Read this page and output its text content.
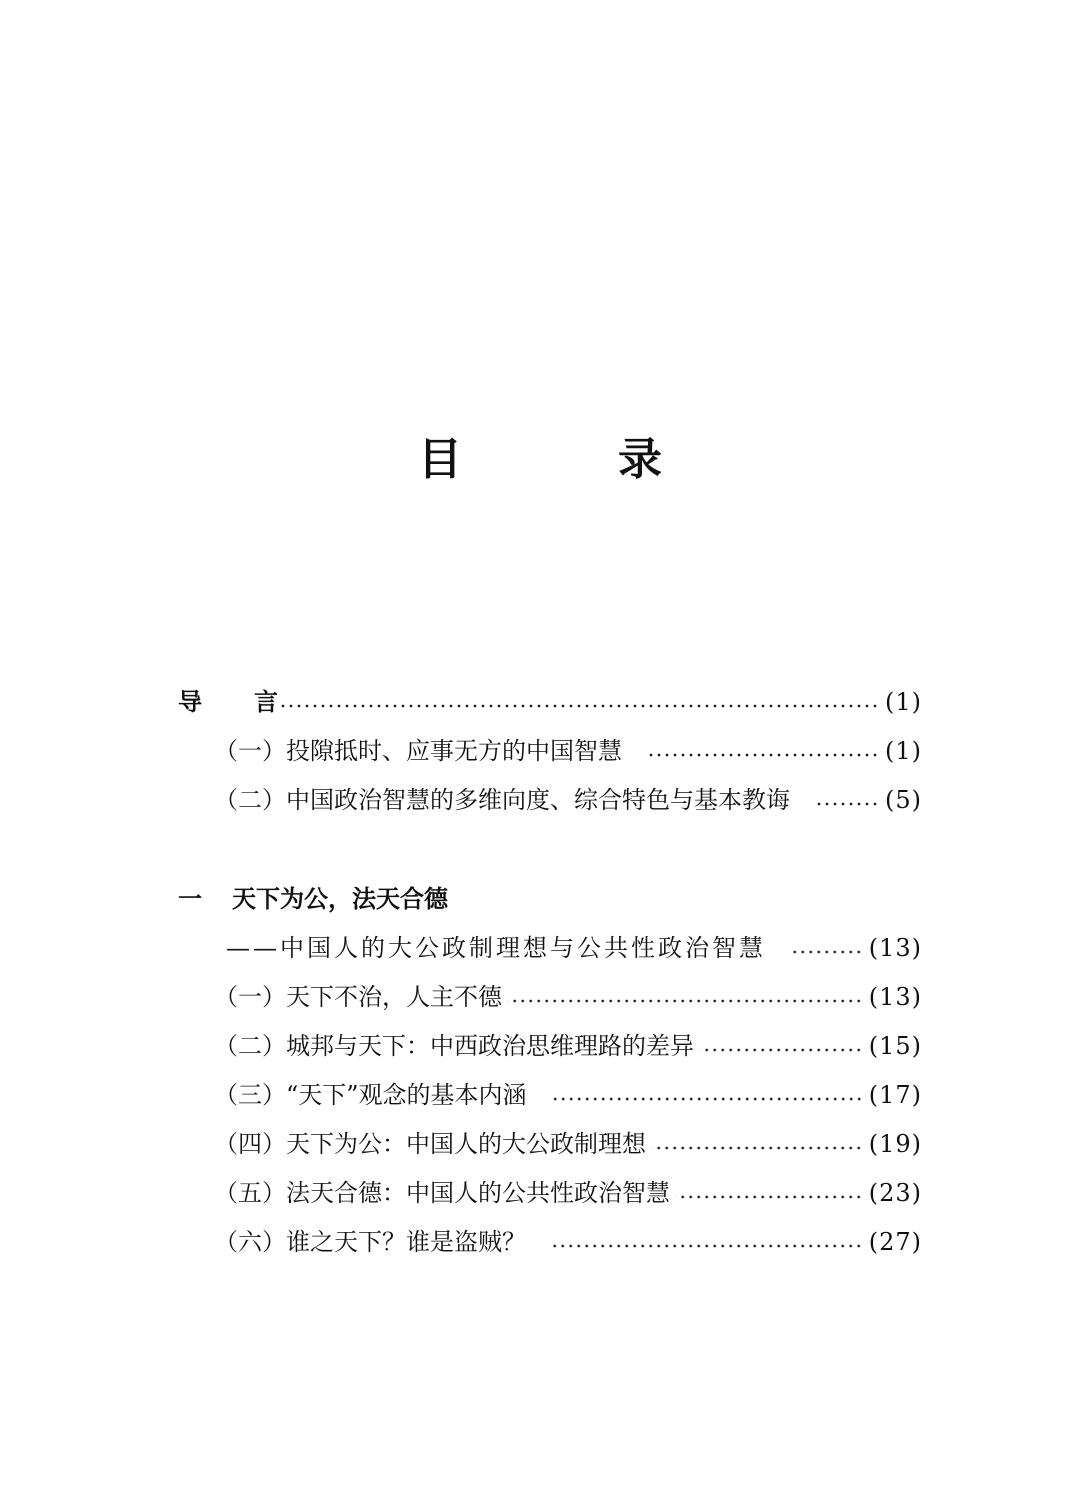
目　录
导 言	(1)
（一）投隙抵时、应事无方的中国智慧	(1)
（二）中国政治智慧的多维向度、综合特色与基本教诲	(5)
一 天下为公，法天合德
——中国人的大公政制理想与公共性政治智慧	(13)
（一）天下不治，人主不德	(13)
（二）城邦与天下：中西政治思维理路的差异	(15)
（三）“天下”观念的基本内涵	(17)
（四）天下为公：中国人的大公政制理想	(19)
（五）法天合德：中国人的公共性政治智慧	(23)
（六）谁之天下？谁是盗贼？	(27)
